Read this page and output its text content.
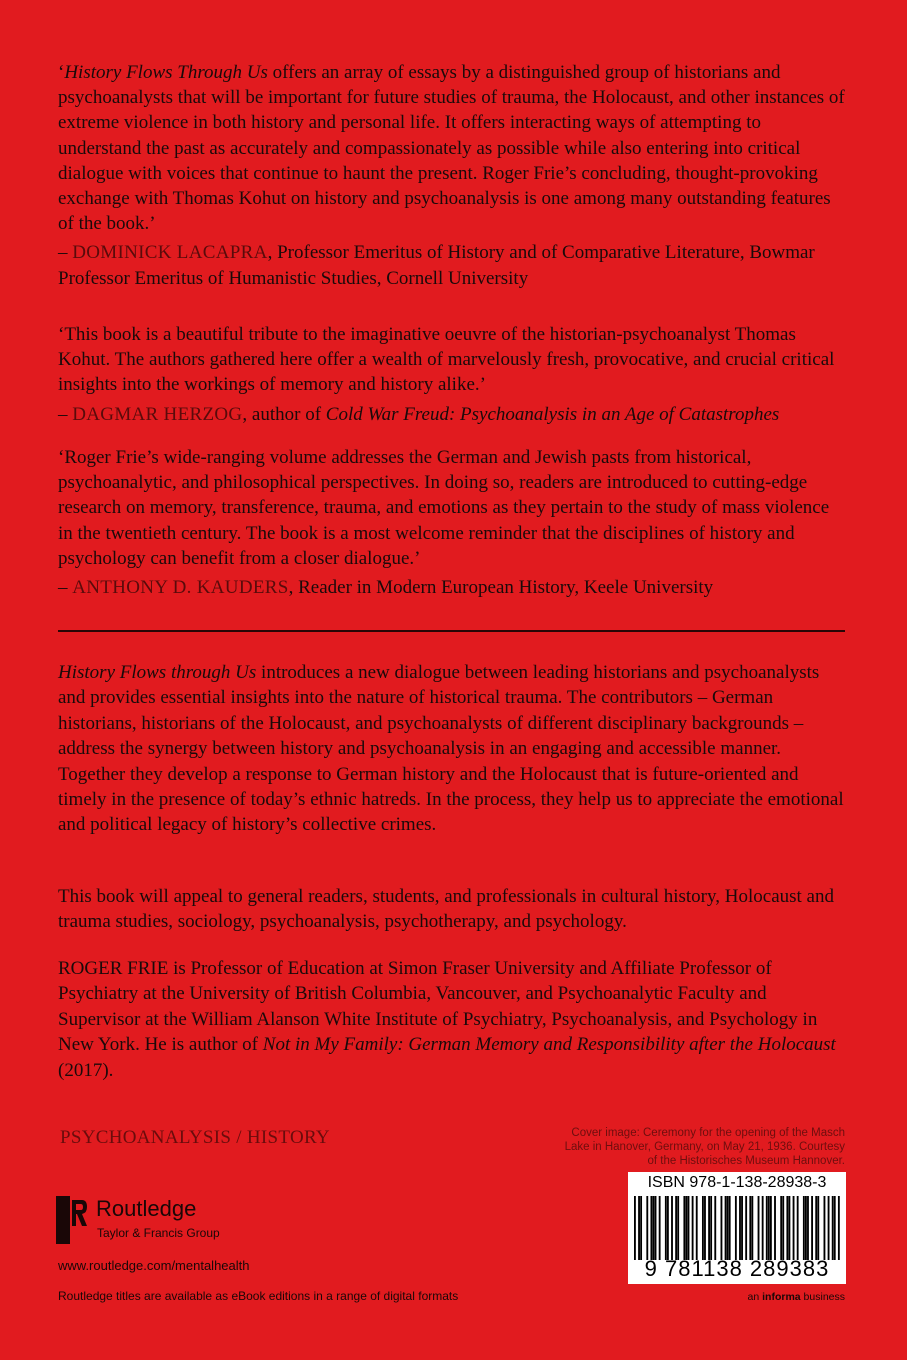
‘History Flows Through Us offers an array of essays by a distinguished group of historians and psychoanalysts that will be important for future studies of trauma, the Holocaust, and other instances of extreme violence in both history and personal life. It offers interacting ways of attempting to understand the past as accurately and compassionately as possible while also entering into critical dialogue with voices that continue to haunt the present. Roger Frie’s concluding, thought-provoking exchange with Thomas Kohut on history and psychoanalysis is one among many outstanding features of the book.’

– DOMINICK LACAPRA, Professor Emeritus of History and of Comparative Literature, Bowmar Professor Emeritus of Humanistic Studies, Cornell University

‘This book is a beautiful tribute to the imaginative oeuvre of the historian-psychoanalyst Thomas Kohut. The authors gathered here offer a wealth of marvelously fresh, provocative, and crucial critical insights into the workings of memory and history alike.’

– DAGMAR HERZOG, author of Cold War Freud: Psychoanalysis in an Age of Catastrophes

‘Roger Frie’s wide-ranging volume addresses the German and Jewish pasts from historical, psychoanalytic, and philosophical perspectives. In doing so, readers are introduced to cutting-edge research on memory, transference, trauma, and emotions as they pertain to the study of mass violence in the twentieth century. The book is a most welcome reminder that the disciplines of history and psychology can benefit from a closer dialogue.’

– ANTHONY D. KAUDERS, Reader in Modern European History, Keele University

History Flows through Us introduces a new dialogue between leading historians and psychoanalysts and provides essential insights into the nature of historical trauma. The contributors – German historians, historians of the Holocaust, and psychoanalysts of different disciplinary backgrounds – address the synergy between history and psychoanalysis in an engaging and accessible manner. Together they develop a response to German history and the Holocaust that is future-oriented and timely in the presence of today’s ethnic hatreds. In the process, they help us to appreciate the emotional and political legacy of history’s collective crimes.

This book will appeal to general readers, students, and professionals in cultural history, Holocaust and trauma studies, sociology, psychoanalysis, psychotherapy, and psychology.

ROGER FRIE is Professor of Education at Simon Fraser University and Affiliate Professor of Psychiatry at the University of British Columbia, Vancouver, and Psychoanalytic Faculty and Supervisor at the William Alanson White Institute of Psychiatry, Psychoanalysis, and Psychology in New York. He is author of Not in My Family: German Memory and Responsibility after the Holocaust (2017).

PSYCHOANALYSIS / HISTORY	Cover image: Ceremony for the opening of the Masch Lake in Hanover, Germany, on May 21, 1936. Courtesy of the Historisches Museum Hannover.
Routledge
Taylor & Francis Group
www.routledge.com/mentalhealth
Routledge titles are available as eBook editions in a range of digital formats
ISBN 978-1-138-28938-3
9 781138 289383
an informa business
